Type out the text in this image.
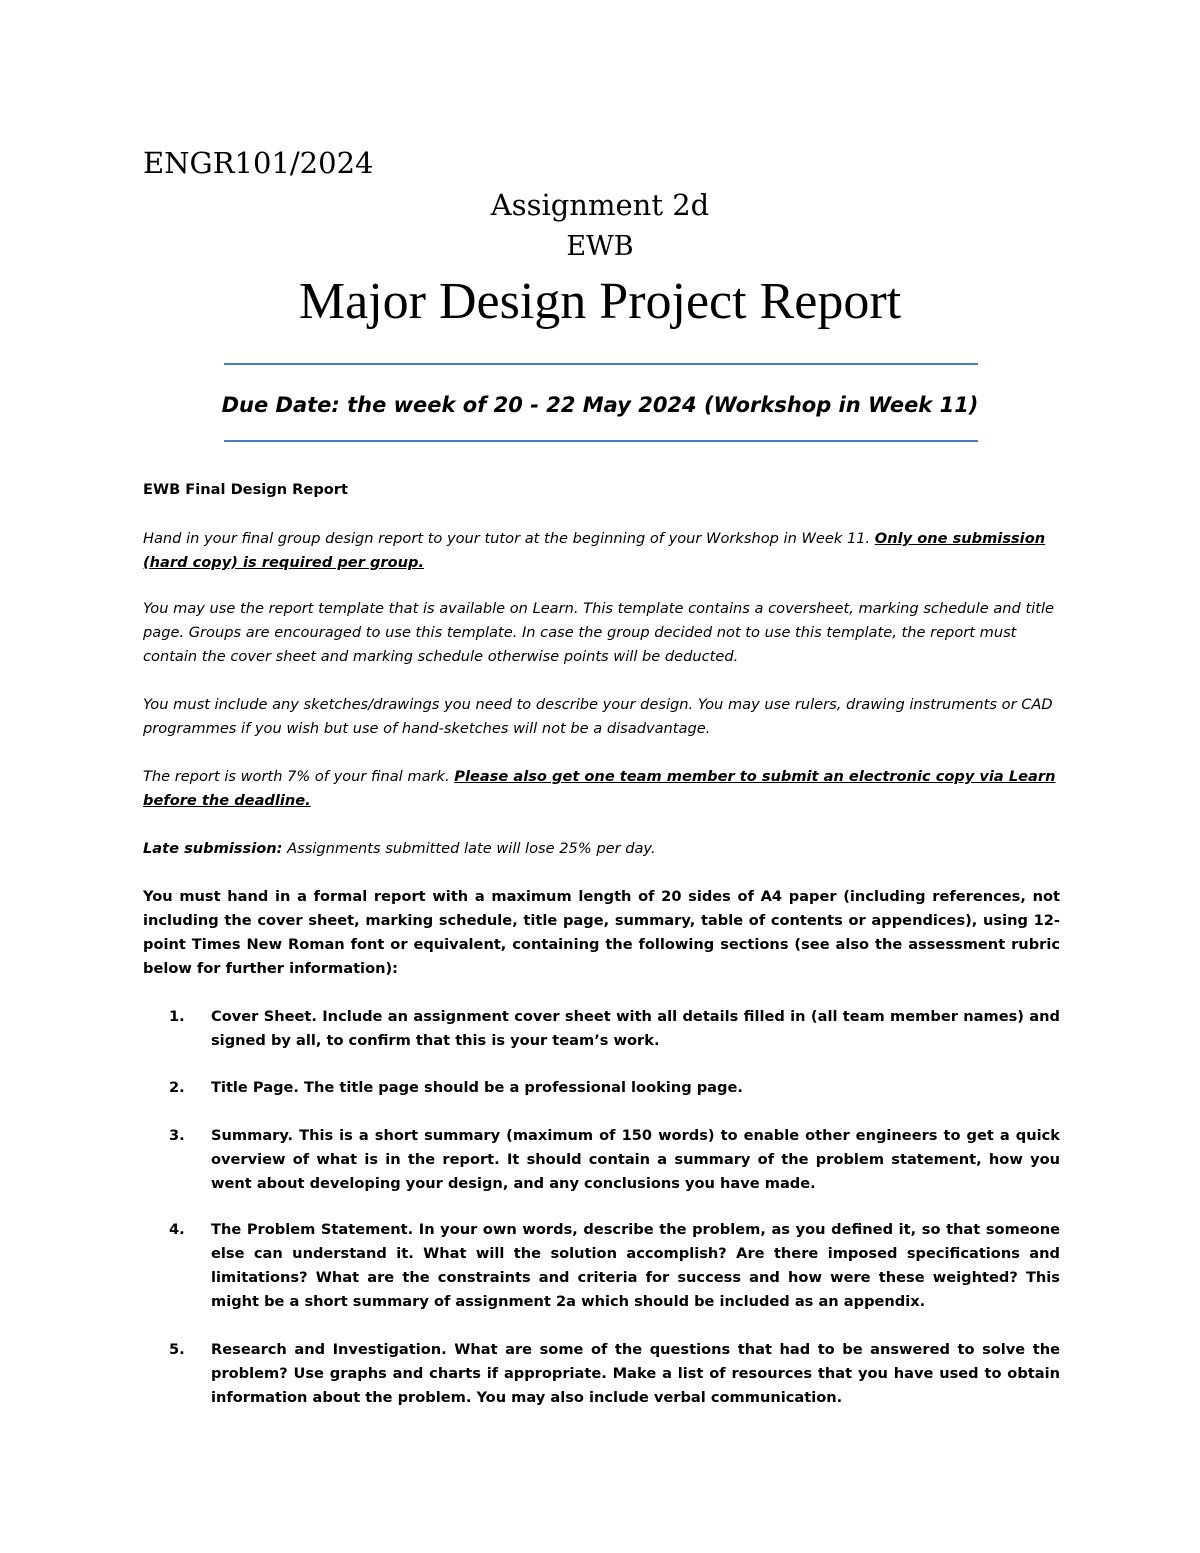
ENGR101/2024
Assignment 2d
EWB
Major Design Project Report
Due Date: the week of 20 - 22 May 2024 (Workshop in Week 11)
EWB Final Design Report
Hand in your final group design report to your tutor at the beginning of your Workshop in Week 11. Only one submission (hard copy) is required per group.
You may use the report template that is available on Learn. This template contains a coversheet, marking schedule and title page. Groups are encouraged to use this template. In case the group decided not to use this template, the report must contain the cover sheet and marking schedule otherwise points will be deducted.
You must include any sketches/drawings you need to describe your design. You may use rulers, drawing instruments or CAD programmes if you wish but use of hand-sketches will not be a disadvantage.
The report is worth 7% of your final mark. Please also get one team member to submit an electronic copy via Learn before the deadline.
Late submission: Assignments submitted late will lose 25% per day.
You must hand in a formal report with a maximum length of 20 sides of A4 paper (including references, not including the cover sheet, marking schedule, title page, summary, table of contents or appendices), using 12-point Times New Roman font or equivalent, containing the following sections (see also the assessment rubric below for further information):
1. Cover Sheet. Include an assignment cover sheet with all details filled in (all team member names) and signed by all, to confirm that this is your team’s work.
2. Title Page. The title page should be a professional looking page.
3. Summary. This is a short summary (maximum of 150 words) to enable other engineers to get a quick overview of what is in the report. It should contain a summary of the problem statement, how you went about developing your design, and any conclusions you have made.
4. The Problem Statement. In your own words, describe the problem, as you defined it, so that someone else can understand it. What will the solution accomplish? Are there imposed specifications and limitations? What are the constraints and criteria for success and how were these weighted? This might be a short summary of assignment 2a which should be included as an appendix.
5. Research and Investigation. What are some of the questions that had to be answered to solve the problem? Use graphs and charts if appropriate. Make a list of resources that you have used to obtain information about the problem. You may also include verbal communication.
